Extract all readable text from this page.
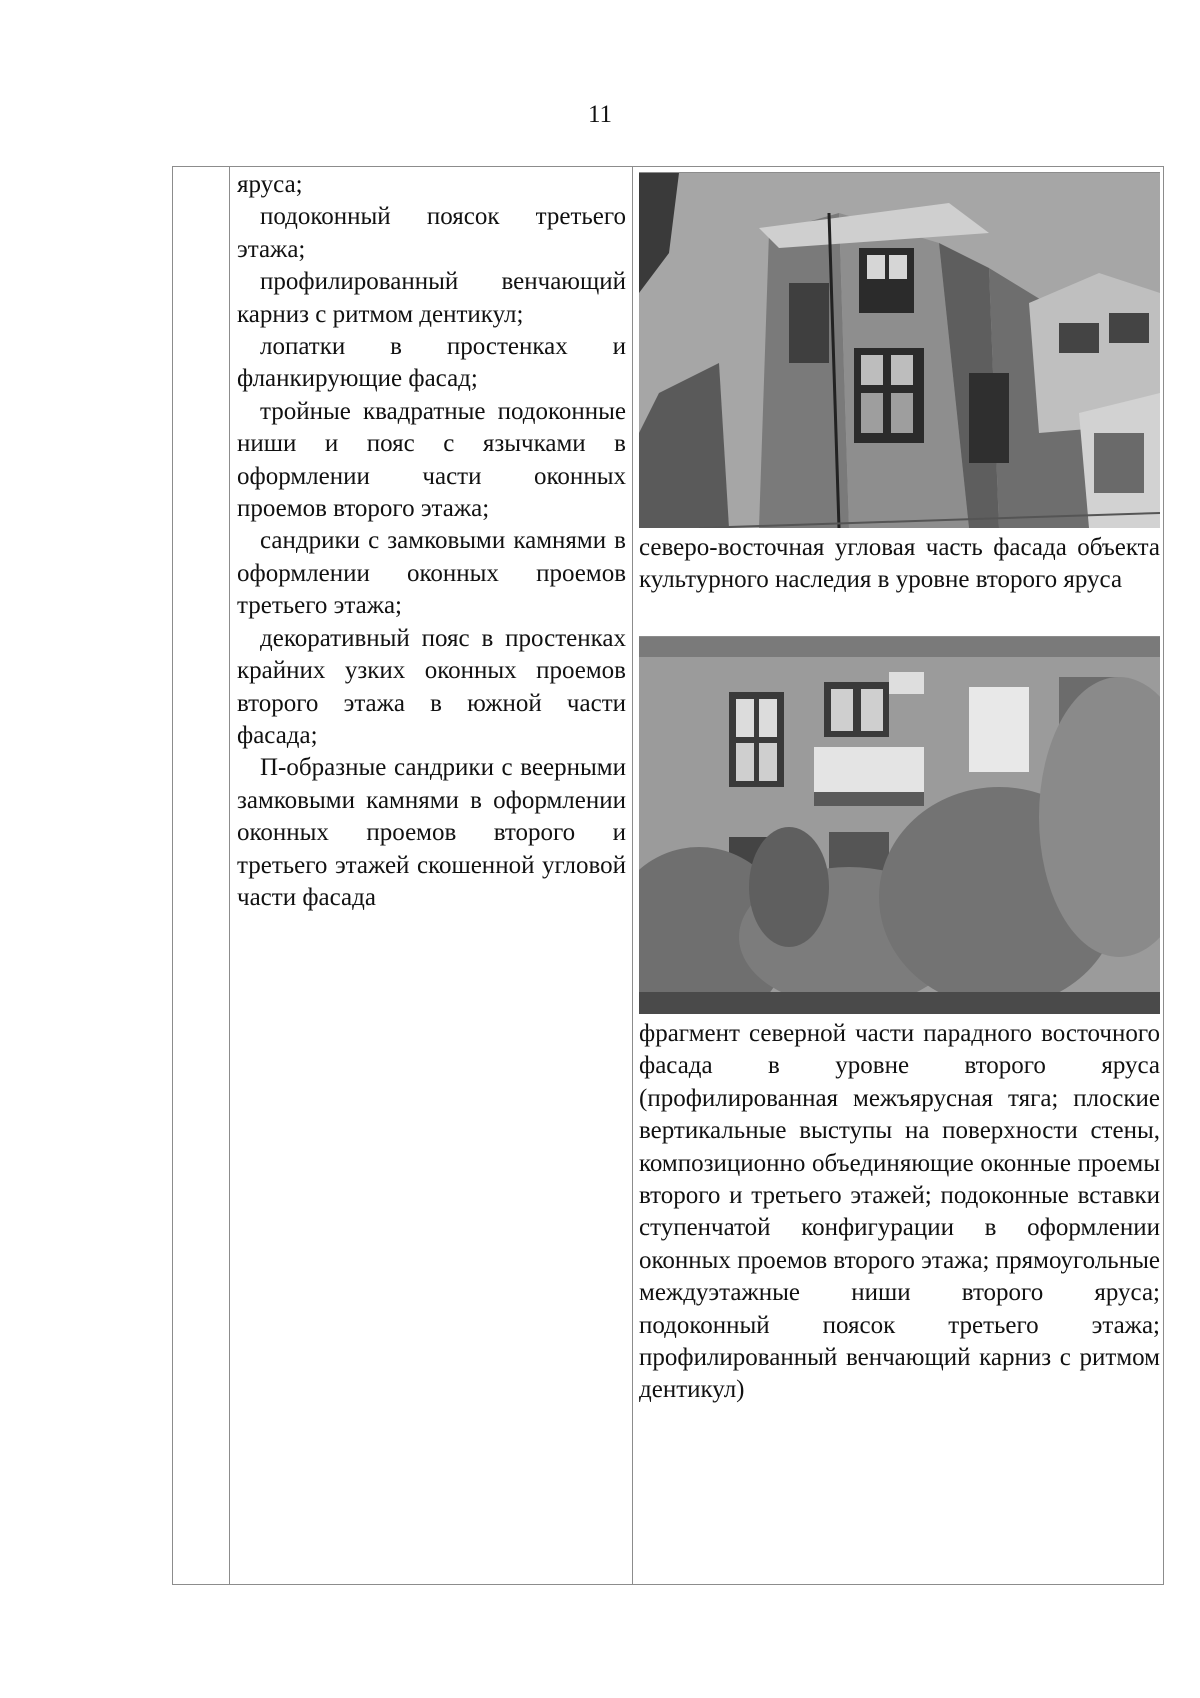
11

яруса;

подоконный поясок третьего этажа;

профилированный венчающий карниз с ритмом дентикул;

лопатки в простенках и фланкирующие фасад;

тройные квадратные подоконные ниши и пояс с язычками в оформлении части оконных проемов второго этажа;

сандрики с замковыми камнями в оформлении оконных проемов третьего этажа;

декоративный пояс в простенках крайних узких оконных проемов второго этажа в южной части фасада;

П-образные сандрики с веерными замковыми камнями в оформлении оконных проемов второго и третьего этажей скошенной угловой части фасада

северо-восточная угловая часть фасада объекта культурного наследия в уровне второго яруса

фрагмент северной части парадного восточного фасада в уровне второго яруса (профилированная межъярусная тяга; плоские вертикальные выступы на поверхности стены, композиционно объединяющие оконные проемы второго и третьего этажей; подоконные вставки ступенчатой конфигурации в оформлении оконных проемов второго этажа; прямоугольные междуэтажные ниши второго яруса; подоконный поясок третьего этажа; профилированный венчающий карниз с ритмом дентикул)
